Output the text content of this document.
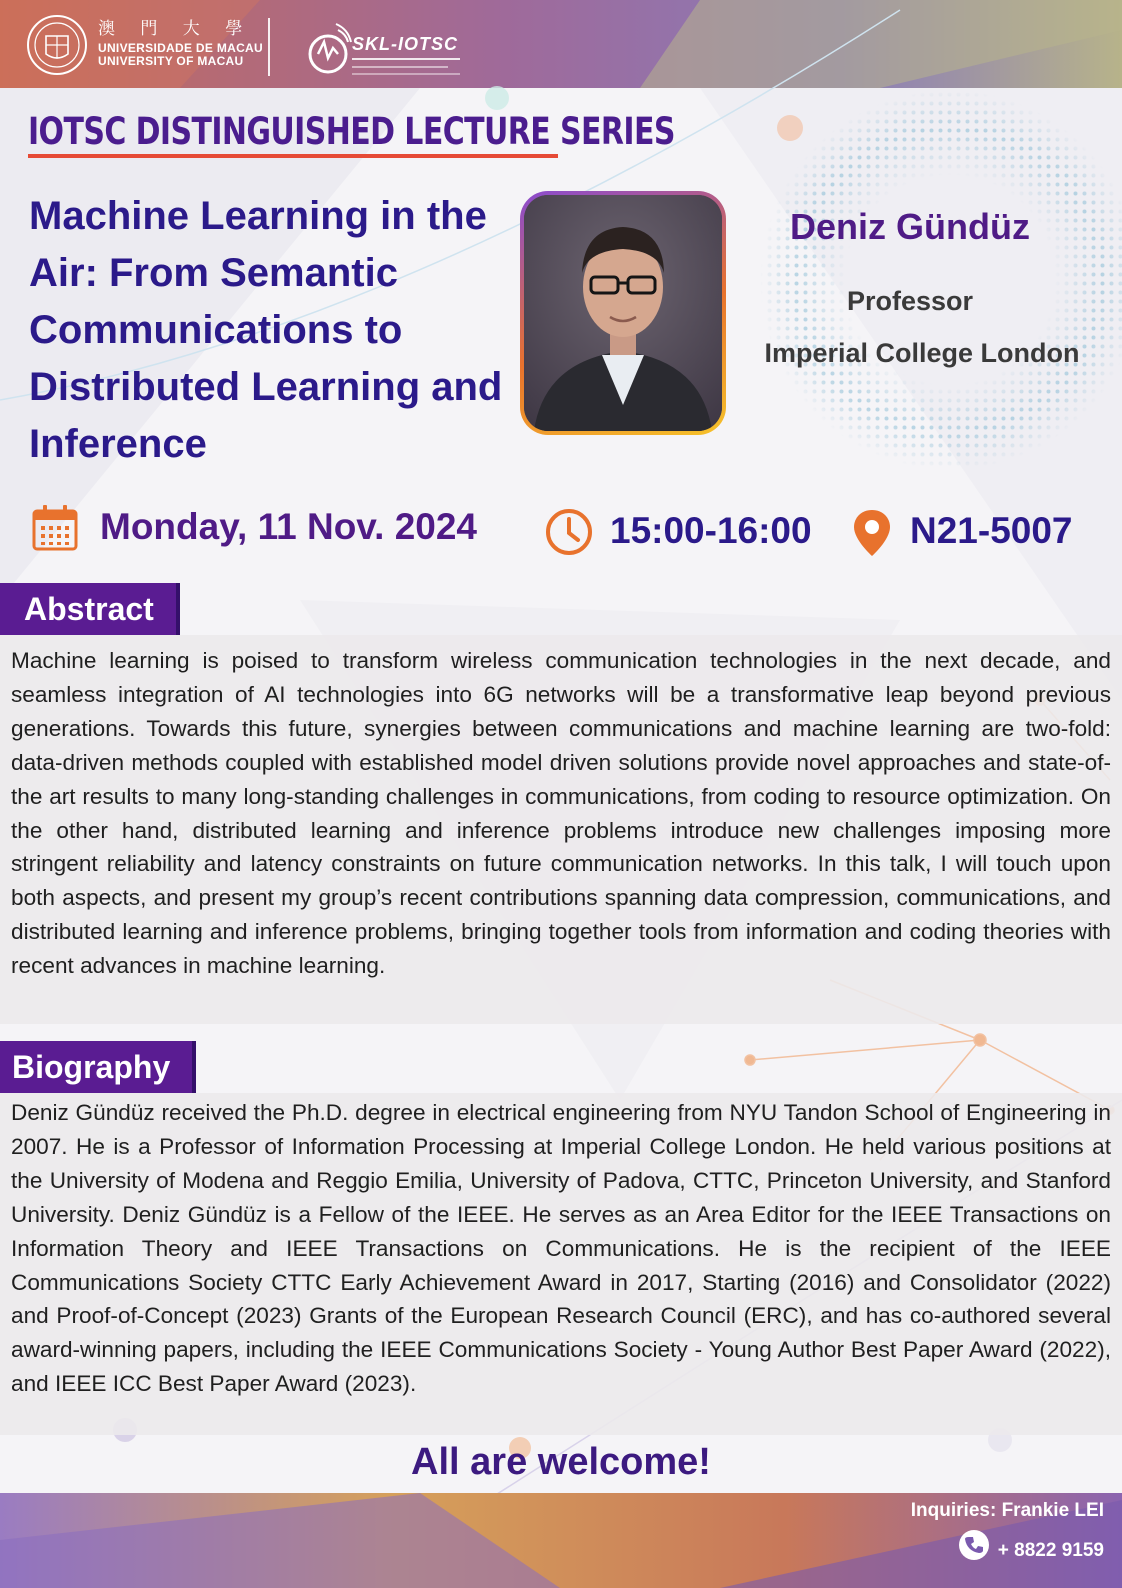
澳 門 大 學
UNIVERSIDADE DE MACAU
UNIVERSITY OF MACAU
SKL-IOTSC
IOTSC DISTINGUISHED LECTURE SERIES
Machine Learning in the Air: From Semantic Communications to Distributed Learning and Inference
Deniz Gündüz
Professor
Imperial College London
Monday, 11 Nov. 2024	15:00-16:00	N21-5007
Abstract

Machine learning is poised to transform wireless communication technologies in the next decade, and seamless integration of AI technologies into 6G networks will be a transformative leap beyond previous generations. Towards this future, synergies between communications and machine learning are two-fold: data-driven methods coupled with established model driven solutions provide novel approaches and state-of-the art results to many long-standing challenges in communications, from coding to resource optimization. On the other hand, distributed learning and inference problems introduce new challenges imposing more stringent reliability and latency constraints on future communication networks. In this talk, I will touch upon both aspects, and present my group’s recent contributions spanning data compression, communications, and distributed learning and inference problems, bringing together tools from information and coding theories with recent advances in machine learning.

Biography

Deniz Gündüz received the Ph.D. degree in electrical engineering from NYU Tandon School of Engineering in 2007. He is a Professor of Information Processing at Imperial College London. He held various positions at the University of Modena and Reggio Emilia, University of Padova, CTTC, Princeton University, and Stanford University. Deniz Gündüz is a Fellow of the IEEE. He serves as an Area Editor for the IEEE Transactions on Information Theory and IEEE Transactions on Communications. He is the recipient of the IEEE Communications Society CTTC Early Achievement Award in 2017, Starting (2016) and Consolidator (2022) and Proof-of-Concept (2023) Grants of the European Research Council (ERC), and has co-authored several award-winning papers, including the IEEE Communications Society - Young Author Best Paper Award (2022), and IEEE ICC Best Paper Award (2023).

All are welcome!
Inquiries: Frankie LEI
+ 8822 9159
